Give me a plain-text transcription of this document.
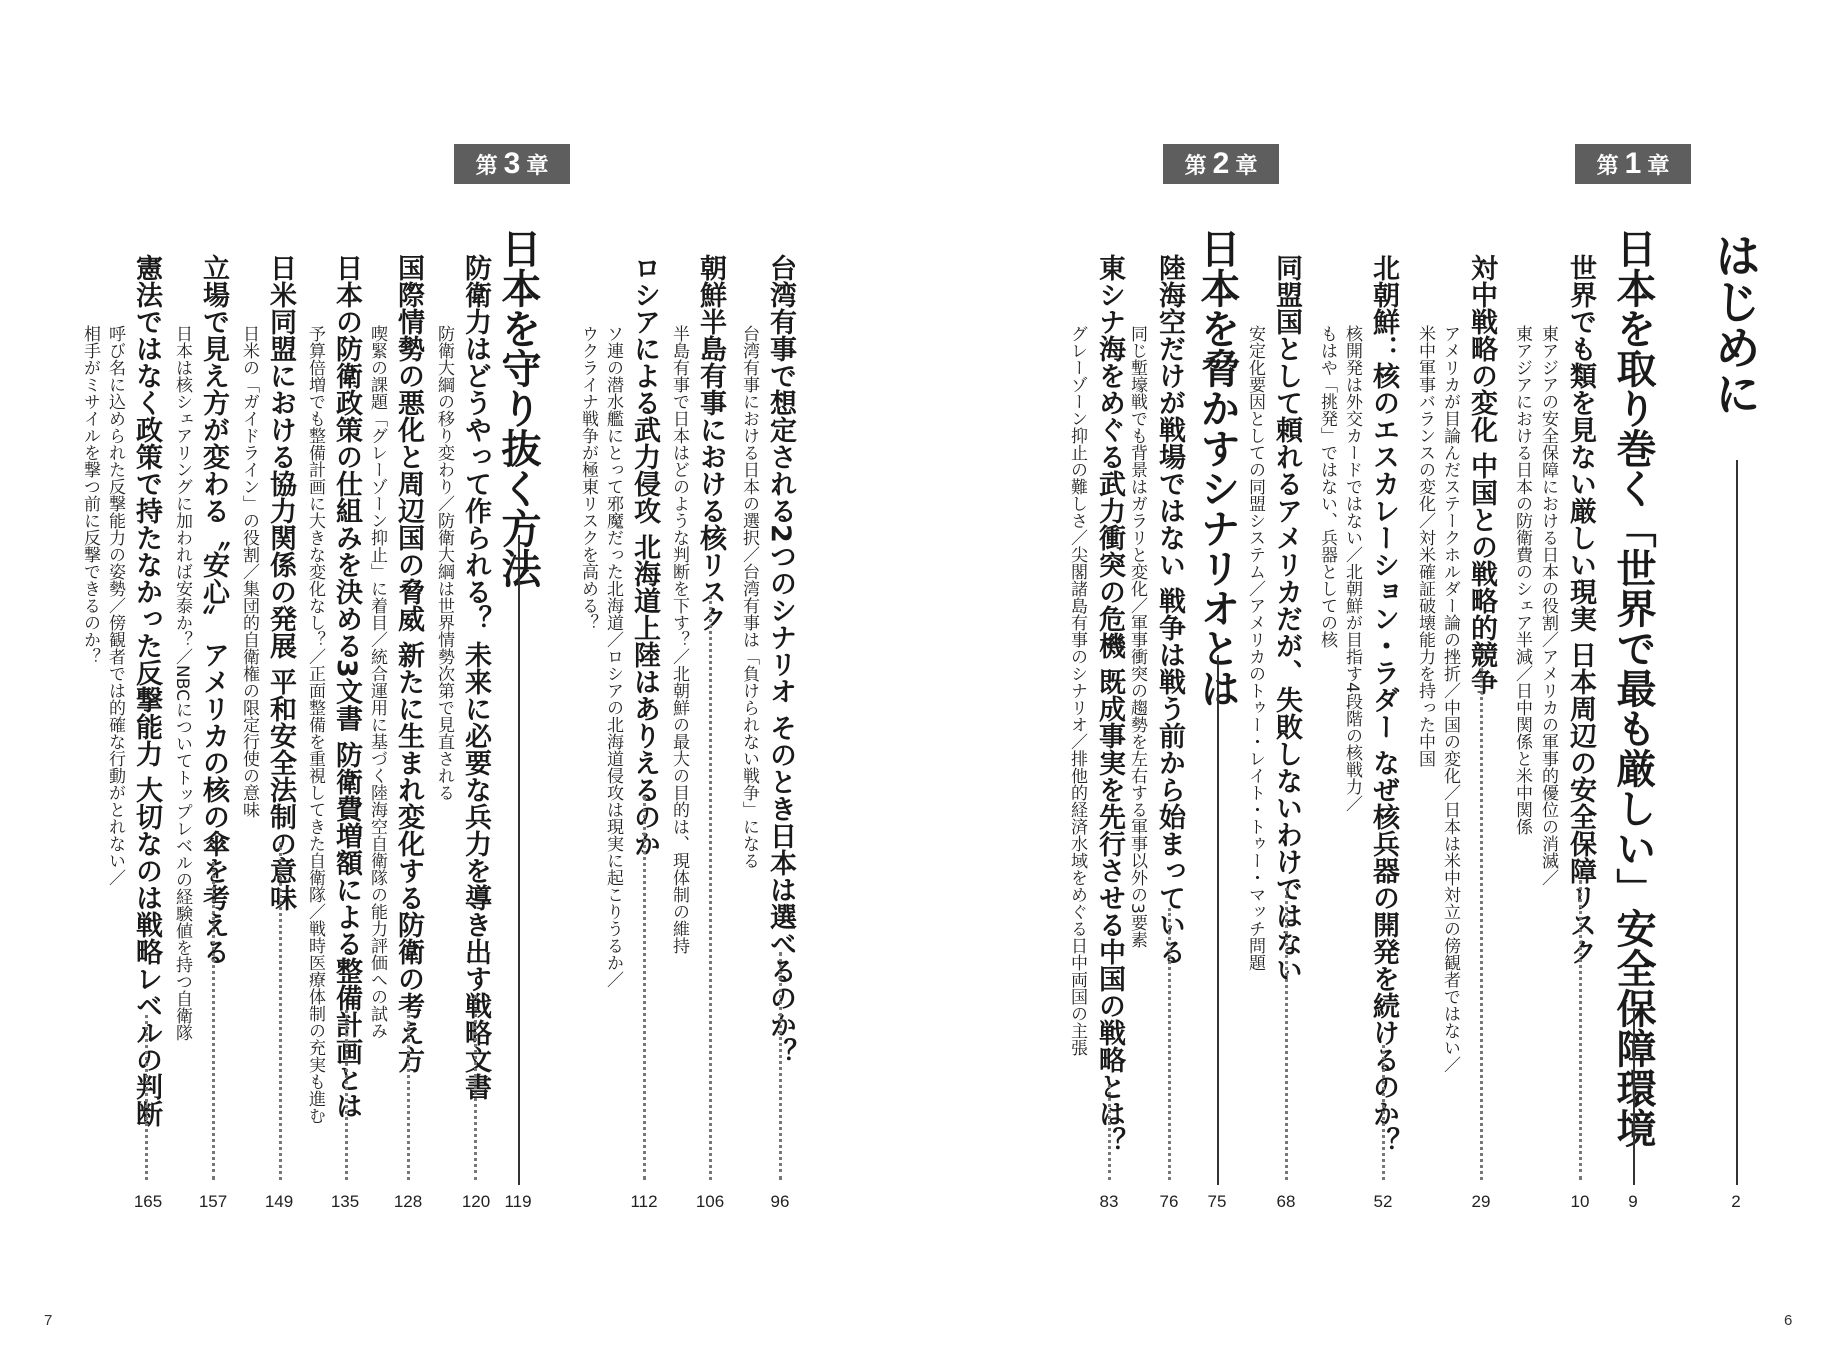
はじめに
2
第 1 章
日本を取り巻く「世界で最も厳しい」安全保障環境
9
世界でも類を見ない厳しい現実 日本周辺の安全保障リスク
東アジアの安全保障における日本の役割／アメリカの軍事的優位の消滅／
東アジアにおける日本の防衛費のシェア半減／日中関係と米中関係
10
対中戦略の変化 中国との戦略的競争
アメリカが目論んだステークホルダー論の挫折／中国の変化／日本は米中対立の傍観者ではない／
米中軍事バランスの変化／対米確証破壊能力を持った中国
29
北朝鮮：核のエスカレーション・ラダー なぜ核兵器の開発を続けるのか？
核開発は外交カードではない／北朝鮮が目指す4段階の核戦力／
もはや「挑発」ではない、兵器としての核
52
同盟国として頼れるアメリカだが、失敗しないわけではない
安定化要因としての同盟システム／アメリカのトゥー・レイト・トゥー・マッチ問題
68
第 2 章
日本を脅かすシナリオとは
75
陸海空だけが戦場ではない 戦争は戦う前から始まっている
同じ塹壕戦でも背景はガラリと変化／軍事衝突の趨勢を左右する軍事以外の3要素
76
東シナ海をめぐる武力衝突の危機 既成事実を先行させる中国の戦略とは？
グレーゾーン抑止の難しさ／尖閣諸島有事のシナリオ／排他的経済水域をめぐる日中両国の主張
83
台湾有事で想定される2つのシナリオ そのとき日本は選べるのか？
台湾有事における日本の選択／台湾有事は「負けられない戦争」になる
96
朝鮮半島有事における核リスク
半島有事で日本はどのような判断を下す？／北朝鮮の最大の目的は、現体制の維持
106
ロシアによる武力侵攻 北海道上陸はありえるのか
ソ連の潜水艦にとって邪魔だった北海道／ロシアの北海道侵攻は現実に起こりうるか／
ウクライナ戦争が極東リスクを高める？
112
第 3 章
日本を守り抜く方法
119
防衛力はどうやって作られる？ 未来に必要な兵力を導き出す戦略文書
防衛大綱の移り変わり／防衛大綱は世界情勢次第で見直される
120
国際情勢の悪化と周辺国の脅威 新たに生まれ変化する防衛の考え方
喫緊の課題「グレーゾーン抑止」に着目／統合運用に基づく陸海空自衛隊の能力評価への試み
128
日本の防衛政策の仕組みを決める3文書 防衛費増額による整備計画とは
予算倍増でも整備計画に大きな変化なし？／正面整備を重視してきた自衛隊／戦時医療体制の充実も進む
135
日米同盟における協力関係の発展 平和安全法制の意味
日米の「ガイドライン」の役割／集団的自衛権の限定行使の意味
149
立場で見え方が変わる〝安心〟 アメリカの核の傘を考える
日本は核シェアリングに加われば安泰か？／NBCについてトップレベルの経験値を持つ自衛隊
157
憲法ではなく政策で持たなかった反撃能力 大切なのは戦略レベルの判断
呼び名に込められた反撃能力の姿勢／傍観者では的確な行動がとれない／
相手がミサイルを撃つ前に反撃できるのか？
165
7	6
